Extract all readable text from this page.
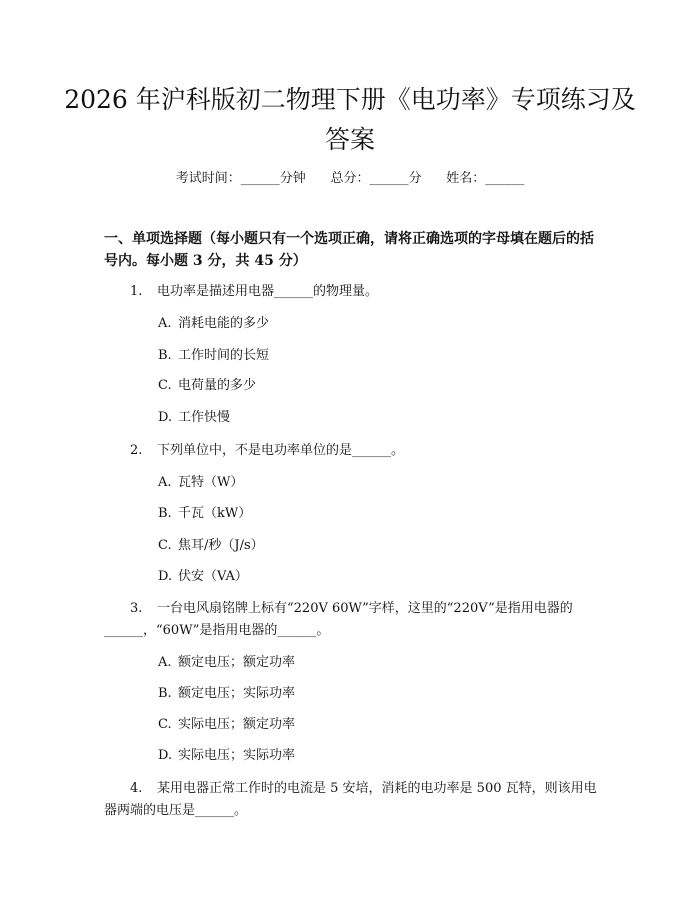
2026 年沪科版初二物理下册《电功率》专项练习及答案
考试时间：______分钟      总分：______分      姓名：______
一、单项选择题（每小题只有一个选项正确，请将正确选项的字母填在题后的括号内。每小题 3 分，共 45 分）
1. 电功率是描述用电器______的物理量。
A. 消耗电能的多少
B. 工作时间的长短
C. 电荷量的多少
D. 工作快慢
2. 下列单位中，不是电功率单位的是______。
A. 瓦特（W）
B. 千瓦（kW）
C. 焦耳/秒（J/s）
D. 伏安（VA）
3. 一台电风扇铭牌上标有“220V 60W”字样，这里的“220V”是指用电器的______，“60W”是指用电器的______。
A. 额定电压；额定功率
B. 额定电压；实际功率
C. 实际电压；额定功率
D. 实际电压；实际功率
4. 某用电器正常工作时的电流是 5 安培，消耗的电功率是 500 瓦特，则该用电器两端的电压是______。
